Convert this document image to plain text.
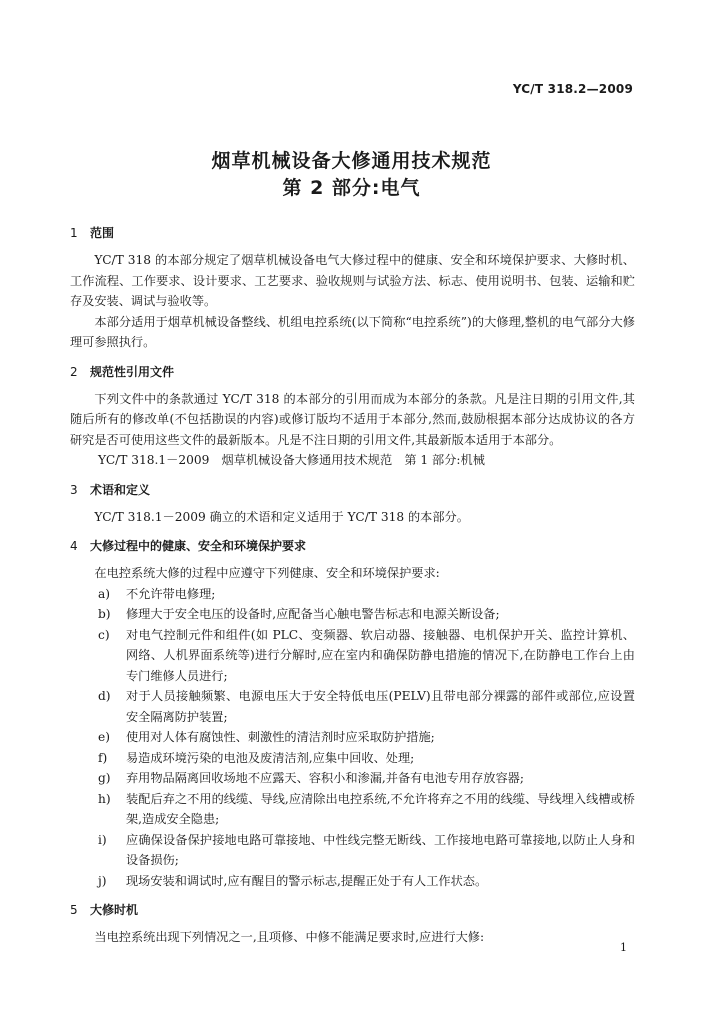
YC/T 318.2—2009
烟草机械设备大修通用技术规范
第 2 部分:电气
1 范围

YC/T 318 的本部分规定了烟草机械设备电气大修过程中的健康、安全和环境保护要求、大修时机、工作流程、工作要求、设计要求、工艺要求、验收规则与试验方法、标志、使用说明书、包装、运输和贮存及安装、调试与验收等。

本部分适用于烟草机械设备整线、机组电控系统(以下简称“电控系统”)的大修理,整机的电气部分大修理可参照执行。

2 规范性引用文件

下列文件中的条款通过 YC/T 318 的本部分的引用而成为本部分的条款。凡是注日期的引用文件,其随后所有的修改单(不包括勘误的内容)或修订版均不适用于本部分,然而,鼓励根据本部分达成协议的各方研究是否可使用这些文件的最新版本。凡是不注日期的引用文件,其最新版本适用于本部分。

YC/T 318.1－2009　烟草机械设备大修通用技术规范　第 1 部分:机械

3 术语和定义

YC/T 318.1－2009 确立的术语和定义适用于 YC/T 318 的本部分。

4 大修过程中的健康、安全和环境保护要求

在电控系统大修的过程中应遵守下列健康、安全和环境保护要求:

a)	不允许带电修理;
b)	修理大于安全电压的设备时,应配备当心触电警告标志和电源关断设备;
c)	对电气控制元件和组件(如 PLC、变频器、软启动器、接触器、电机保护开关、监控计算机、网络、人机界面系统等)进行分解时,应在室内和确保防静电措施的情况下,在防静电工作台上由专门维修人员进行;
d)	对于人员接触频繁、电源电压大于安全特低电压(PELV)且带电部分裸露的部件或部位,应设置安全隔离防护装置;
e)	使用对人体有腐蚀性、刺激性的清洁剂时应采取防护措施;
f)	易造成环境污染的电池及废清洁剂,应集中回收、处理;
g)	弃用物品隔离回收场地不应露天、容积小和渗漏,并备有电池专用存放容器;
h)	装配后弃之不用的线缆、导线,应清除出电控系统,不允许将弃之不用的线缆、导线埋入线槽或桥架,造成安全隐患;
i)	应确保设备保护接地电路可靠接地、中性线完整无断线、工作接地电路可靠接地,以防止人身和设备损伤;
j)	现场安装和调试时,应有醒目的警示标志,提醒正处于有人工作状态。
5 大修时机

当电控系统出现下列情况之一,且项修、中修不能满足要求时,应进行大修:

1
